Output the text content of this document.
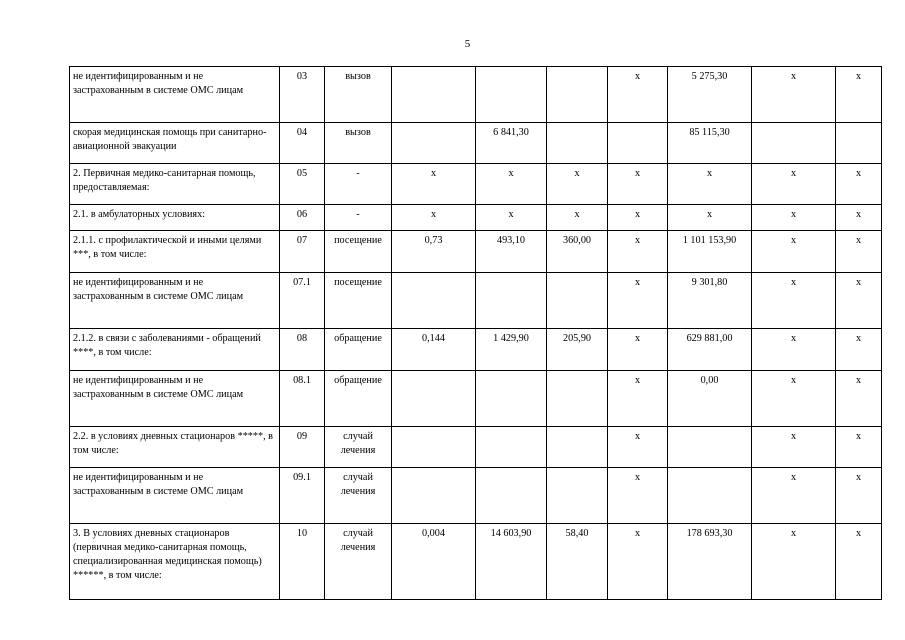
5
не идентифицированным и не застрахованным в системе ОМС лицам	03	вызов				х	5 275,30	х	х
скорая медицинская помощь при санитарно-авиационной эвакуации	04	вызов		6 841,30			85 115,30		
2. Первичная медико-санитарная помощь, предоставляемая:	05	-	х	х	х	х	х	х	х
2.1. в амбулаторных условиях:	06	-	х	х	х	х	х	х	х
2.1.1. с профилактической и иными целями ***, в том числе:	07	посещение	0,73	493,10	360,00	х	1 101 153,90	х	х
не идентифицированным и не застрахованным в системе ОМС лицам	07.1	посещение				х	9 301,80	х	х
2.1.2. в связи с заболеваниями - обращений ****, в том числе:	08	обращение	0,144	1 429,90	205,90	х	629 881,00	х	х
не идентифицированным и не застрахованным в системе ОМС лицам	08.1	обращение				х	0,00	х	х
2.2. в условиях дневных стационаров *****, в том числе:	09	случай лечения				х		х	х
не идентифицированным и не застрахованным в системе ОМС лицам	09.1	случай лечения				х		х	х
3. В условиях дневных стационаров (первичная медико-санитарная помощь, специализированная медицинская помощь) ******, в том числе:	10	случай лечения	0,004	14 603,90	58,40	х	178 693,30	х	х
